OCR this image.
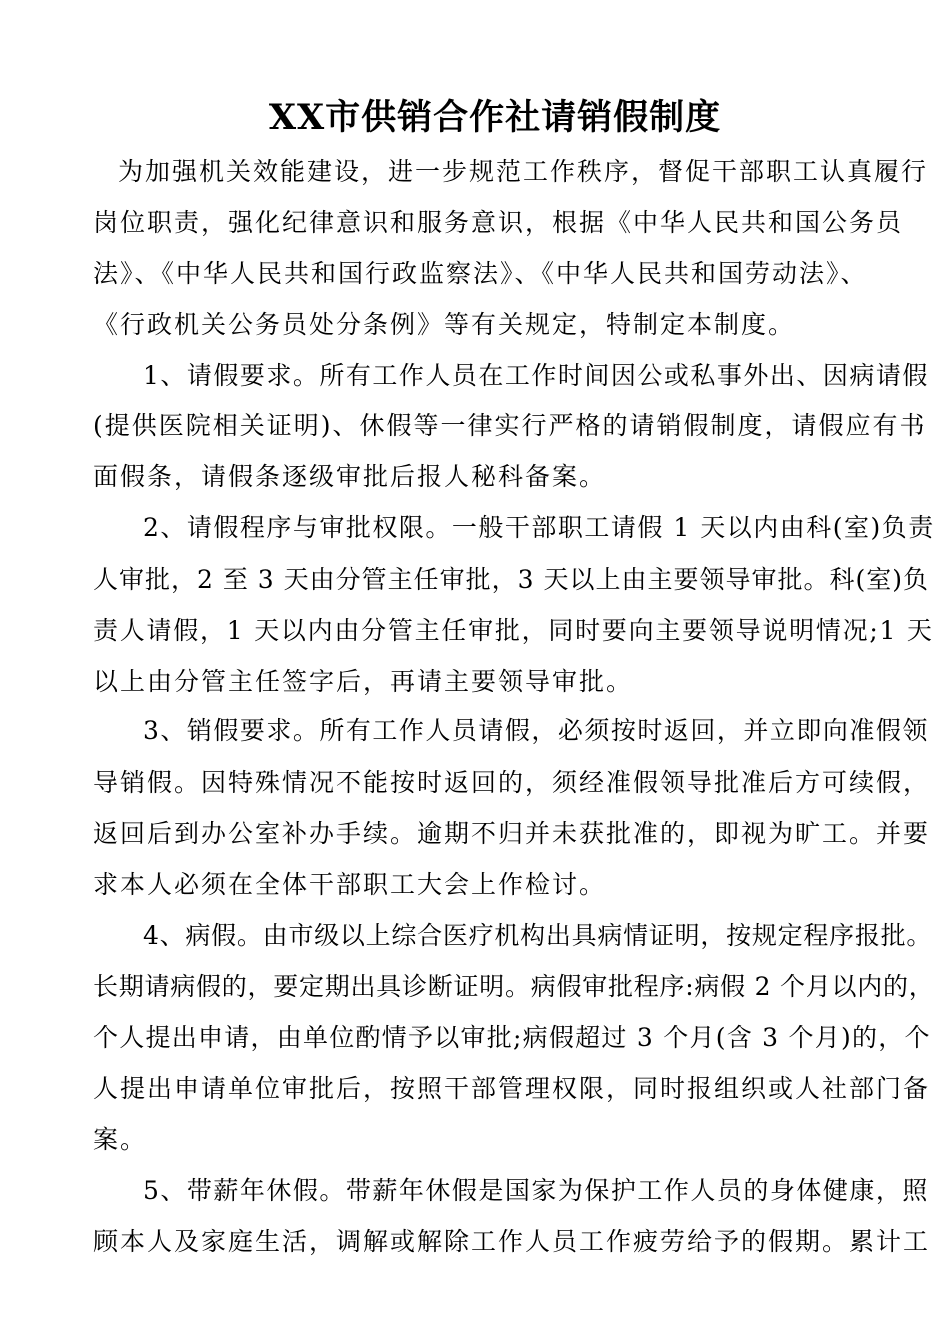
XX市供销合作社请销假制度
为加强机关效能建设，进一步规范工作秩序，督促干部职工认真履行
岗位职责，强化纪律意识和服务意识，根据《中华人民共和国公务员
法》、《中华人民共和国行政监察法》、《中华人民共和国劳动法》、
《行政机关公务员处分条例》等有关规定，特制定本制度。
1、请假要求。所有工作人员在工作时间因公或私事外出、因病请假
(提供医院相关证明)、休假等一律实行严格的请销假制度，请假应有书
面假条，请假条逐级审批后报人秘科备案。
2、请假程序与审批权限。一般干部职工请假 1 天以内由科(室)负责
人审批，2 至 3 天由分管主任审批，3 天以上由主要领导审批。科(室)负
责人请假，1 天以内由分管主任审批，同时要向主要领导说明情况;1 天
以上由分管主任签字后，再请主要领导审批。
3、销假要求。所有工作人员请假，必须按时返回，并立即向准假领
导销假。因特殊情况不能按时返回的，须经准假领导批准后方可续假，
返回后到办公室补办手续。逾期不归并未获批准的，即视为旷工。并要
求本人必须在全体干部职工大会上作检讨。
4、病假。由市级以上综合医疗机构出具病情证明，按规定程序报批。
长期请病假的，要定期出具诊断证明。病假审批程序:病假 2 个月以内的，
个人提出申请，由单位酌情予以审批;病假超过 3 个月(含 3 个月)的，个
人提出申请单位审批后，按照干部管理权限，同时报组织或人社部门备
案。
5、带薪年休假。带薪年休假是国家为保护工作人员的身体健康，照
顾本人及家庭生活，调解或解除工作人员工作疲劳给予的假期。累计工
